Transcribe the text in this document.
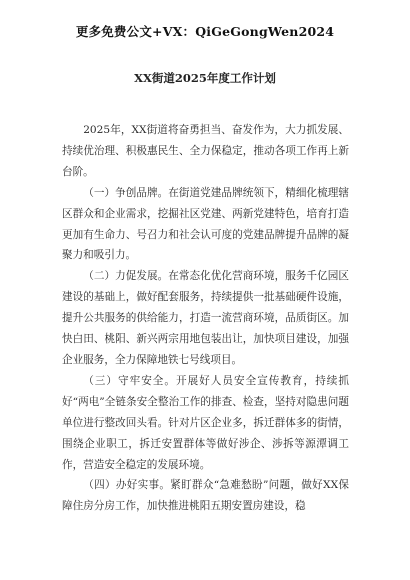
更多免费公文+VX：QiGeGongWen2024
XX街道2025年度工作计划

2025年，XX街道将奋勇担当、奋发作为，大力抓发展、持续优治理、积极惠民生、全力保稳定，推动各项工作再上新台阶。

（一）争创品牌。在街道党建品牌统领下，精细化梳理辖区群众和企业需求，挖掘社区党建、两新党建特色，培育打造更加有生命力、号召力和社会认可度的党建品牌提升品牌的凝聚力和吸引力。

（二）力促发展。在常态化优化营商环境，服务千亿园区建设的基础上，做好配套服务，持续提供一批基础硬件设施，提升公共服务的供给能力，打造一流营商环境，品质街区。加快白田、桃阳、新兴两宗用地包装出让，加快项目建设，加强企业服务，全力保障地铁七号线项目。

（三）守牢安全。开展好人员安全宣传教育，持续抓好“两电”全链条安全整治工作的排查、检查，坚持对隐患问题单位进行整改回头看。针对片区企业多，拆迁群体多的街情，围绕企业职工，拆迁安置群体等做好涉企、涉拆等源潭调工作，营造安全稳定的发展环境。

（四）办好实事。紧盯群众“急难愁盼”问题，做好XX保障住房分房工作，加快推进桃阳五期安置房建设，稳
